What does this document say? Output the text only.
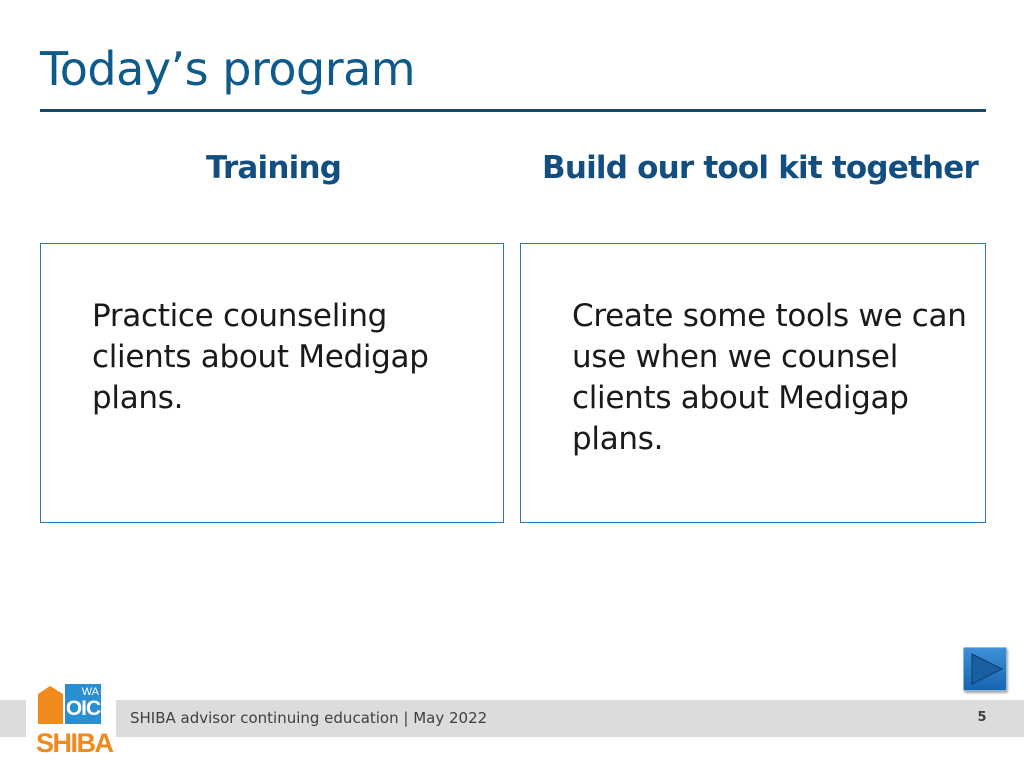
Today’s program
Training	Build our tool kit together
Practice counseling clients about Medigap plans.
Create some tools we can use when we counsel clients about Medigap plans.
WA
OIC
SHIBA
SHIBA advisor continuing education | May 2022	5
